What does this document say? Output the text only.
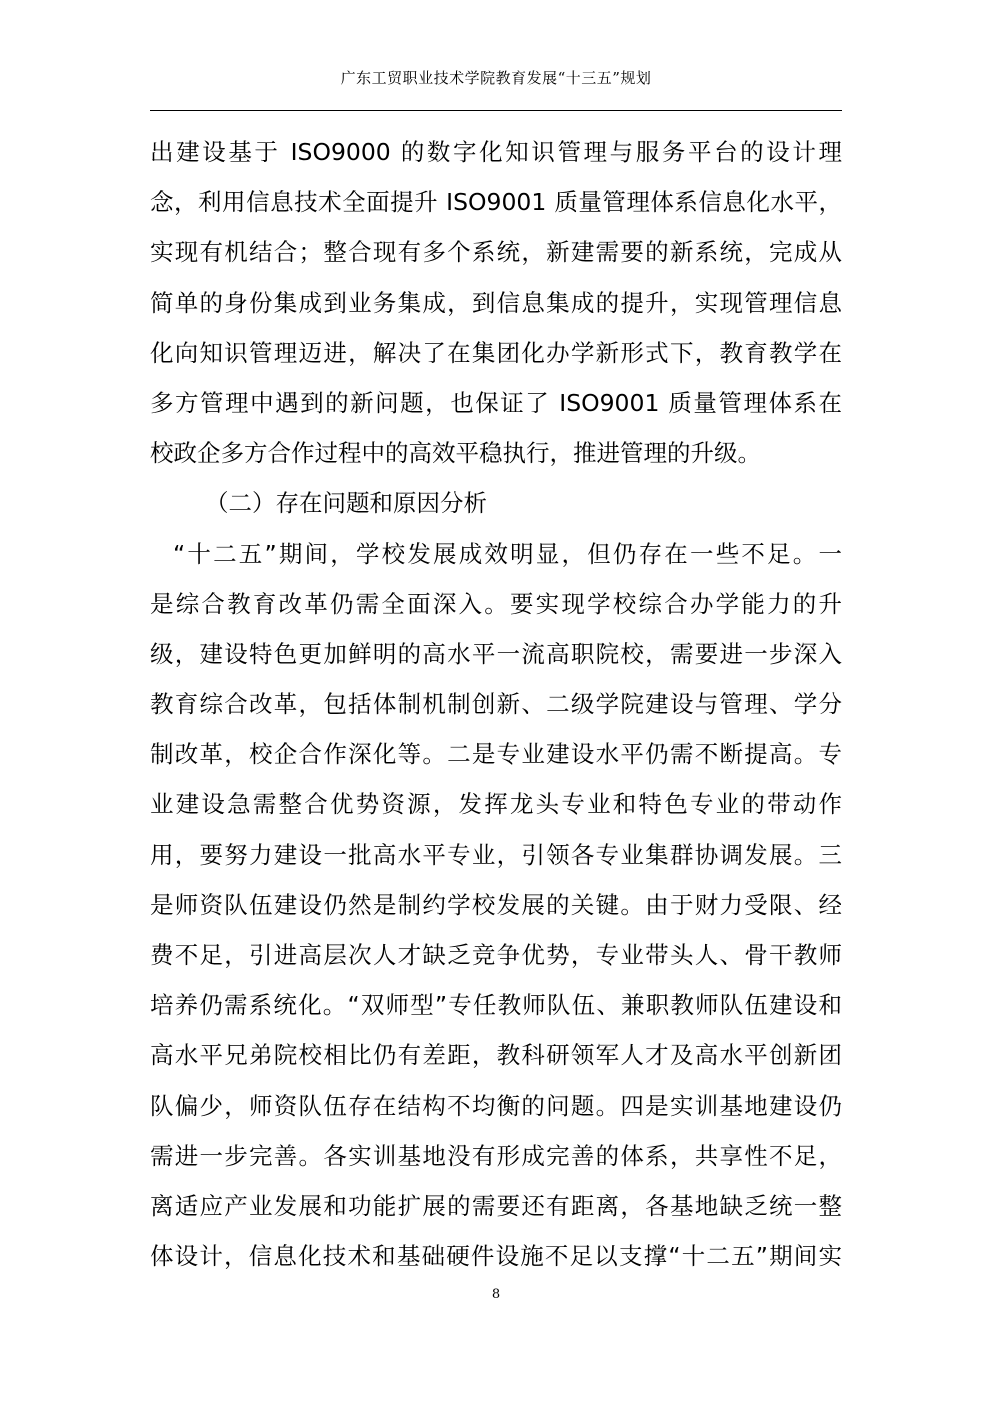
广东工贸职业技术学院教育发展“十三五”规划
出建设基于 ISO9000 的数字化知识管理与服务平台的设计理
念，利用信息技术全面提升 ISO9001 质量管理体系信息化水平，
实现有机结合；整合现有多个系统，新建需要的新系统，完成从
简单的身份集成到业务集成，到信息集成的提升，实现管理信息
化向知识管理迈进，解决了在集团化办学新形式下，教育教学在
多方管理中遇到的新问题，也保证了 ISO9001 质量管理体系在
校政企多方合作过程中的高效平稳执行，推进管理的升级。
（二）存在问题和原因分析
“十二五”期间，学校发展成效明显，但仍存在一些不足。一
是综合教育改革仍需全面深入。要实现学校综合办学能力的升
级，建设特色更加鲜明的高水平一流高职院校，需要进一步深入
教育综合改革，包括体制机制创新、二级学院建设与管理、学分
制改革，校企合作深化等。二是专业建设水平仍需不断提高。专
业建设急需整合优势资源，发挥龙头专业和特色专业的带动作
用，要努力建设一批高水平专业，引领各专业集群协调发展。三
是师资队伍建设仍然是制约学校发展的关键。由于财力受限、经
费不足，引进高层次人才缺乏竞争优势，专业带头人、骨干教师
培养仍需系统化。“双师型”专任教师队伍、兼职教师队伍建设和
高水平兄弟院校相比仍有差距，教科研领军人才及高水平创新团
队偏少，师资队伍存在结构不均衡的问题。四是实训基地建设仍
需进一步完善。各实训基地没有形成完善的体系，共享性不足，
离适应产业发展和功能扩展的需要还有距离，各基地缺乏统一整
体设计，信息化技术和基础硬件设施不足以支撑“十二五”期间实
8
